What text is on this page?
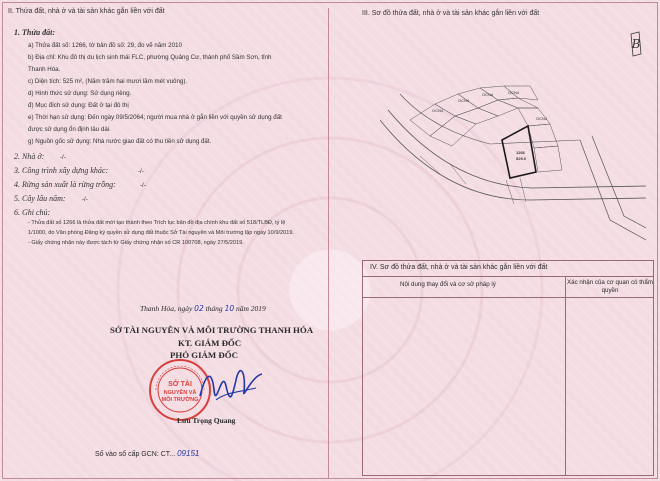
II. Thửa đất, nhà ở và tài sản khác gắn liền với đất
1. Thửa đất:
a) Thửa đất số: 1266, tờ bản đồ số: 29, đo vẽ năm 2010
b) Địa chỉ: Khu đô thị du lịch sinh thái FLC, phường Quảng Cư, thành phố Sầm Sơn, tỉnh
Thanh Hóa.
c) Diện tích: 525 m², (Năm trăm hai mươi lăm mét vuông).
d) Hình thức sử dụng: Sử dụng riêng.
đ) Mục đích sử dụng: Đất ở tại đô thị
e) Thời hạn sử dụng: Đến ngày 09/5/2064; người mua nhà ở gắn liền với quyền sử dụng đất
được sử dụng ổn định lâu dài.
g) Nguồn gốc sử dụng: Nhà nước giao đất có thu tiền sử dụng đất.
2. Nhà ở:	-/-
3. Công trình xây dựng khác:	-/-
4. Rừng sản xuất là rừng trồng:	-/-
5. Cây lâu năm:	-/-
6. Ghi chú:
- Thửa đất số 1266 là thửa đất mới tạo thành theo Trích lục bản đồ địa chính khu đất số 518/TLBĐ, tỷ lệ
1/1000, do Văn phòng Đăng ký quyền sử dụng đất thuộc Sở Tài nguyên và Môi trường lập ngày 10/9/2019.
- Giấy chứng nhận này được tách từ Giấy chứng nhận số CR 100708, ngày 27/5/2019.
Thanh Hóa, ngày 02 tháng 10 năm 2019
SỞ TÀI NGUYÊN VÀ MÔI TRƯỜNG THANH HÓA
KT. GIÁM ĐỐC
PHÓ GIÁM ĐỐC
SỞ TÀI
NGUYÊN VÀ
MÔI TRƯỜNG
Lưu Trọng Quang
Số vào sổ cấp GCN: CT... 09151
III. Sơ đồ thửa đất, nhà ở và tài sản khác gắn liền với đất
B
OCN4
OCN4
OCN4	OCN4
OCN4
1266
525.0
IV. Sơ đồ thửa đất, nhà ở và tài sản khác gắn liền với đất
Nội dung thay đổi và cơ sở pháp lý	Xác nhận của cơ quan có thẩm quyền
